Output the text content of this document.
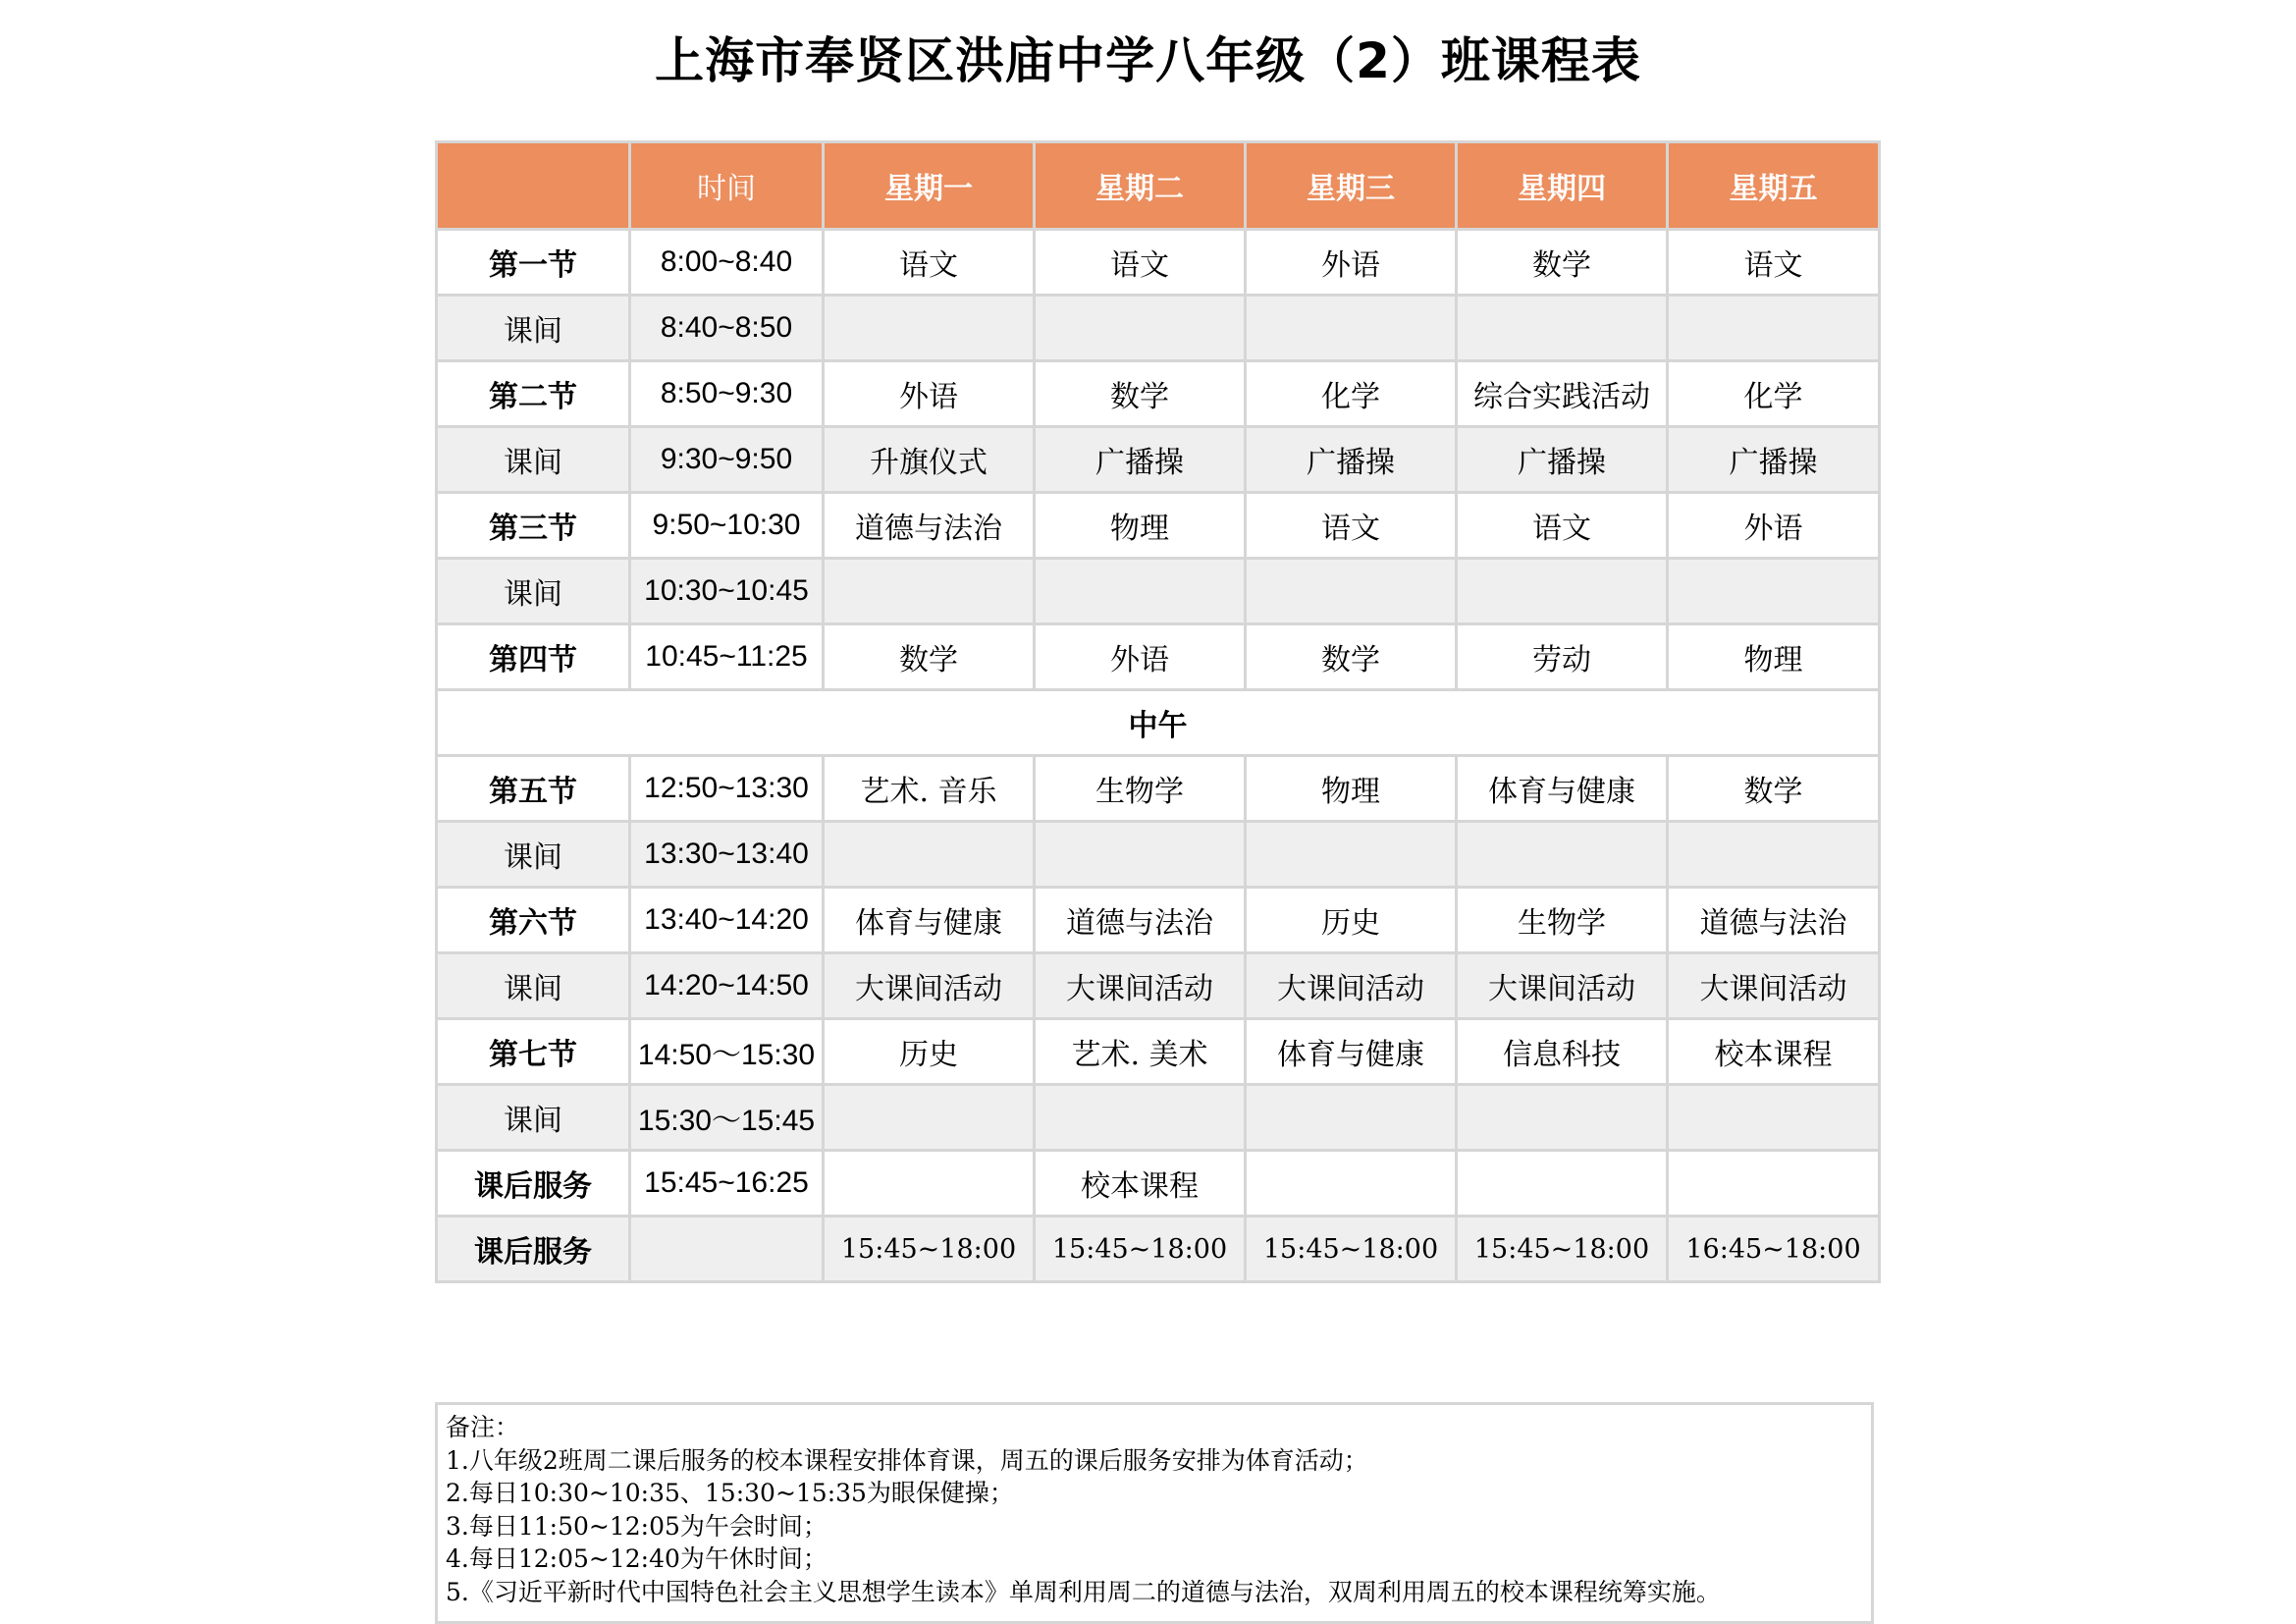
上海市奉贤区洪庙中学八年级（2）班课程表
	时间	星期一	星期二	星期三	星期四	星期五
第一节	8:00~8:40	语文	语文	外语	数学	语文
课间	8:40~8:50					
第二节	8:50~9:30	外语	数学	化学	综合实践活动	化学
课间	9:30~9:50	升旗仪式	广播操	广播操	广播操	广播操
第三节	9:50~10:30	道德与法治	物理	语文	语文	外语
课间	10:30~10:45					
第四节	10:45~11:25	数学	外语	数学	劳动	物理
中午						
第五节	12:50~13:30	艺术. 音乐	生物学	物理	体育与健康	数学
课间	13:30~13:40					
第六节	13:40~14:20	体育与健康	道德与法治	历史	生物学	道德与法治
课间	14:20~14:50	大课间活动	大课间活动	大课间活动	大课间活动	大课间活动
第七节	14:50～15:30	历史	艺术. 美术	体育与健康	信息科技	校本课程
课间	15:30～15:45					
课后服务	15:45~16:25		校本课程			
课后服务		15:45~18:00	15:45~18:00	15:45~18:00	15:45~18:00	16:45~18:00
备注：
1.八年级2班周二课后服务的校本课程安排体育课，周五的课后服务安排为体育活动；
2.每日10:30~10:35、15:30~15:35为眼保健操；
3.每日11:50~12:05为午会时间；
4.每日12:05~12:40为午休时间；
5.《习近平新时代中国特色社会主义思想学生读本》单周利用周二的道德与法治，双周利用周五的校本课程统筹实施。
